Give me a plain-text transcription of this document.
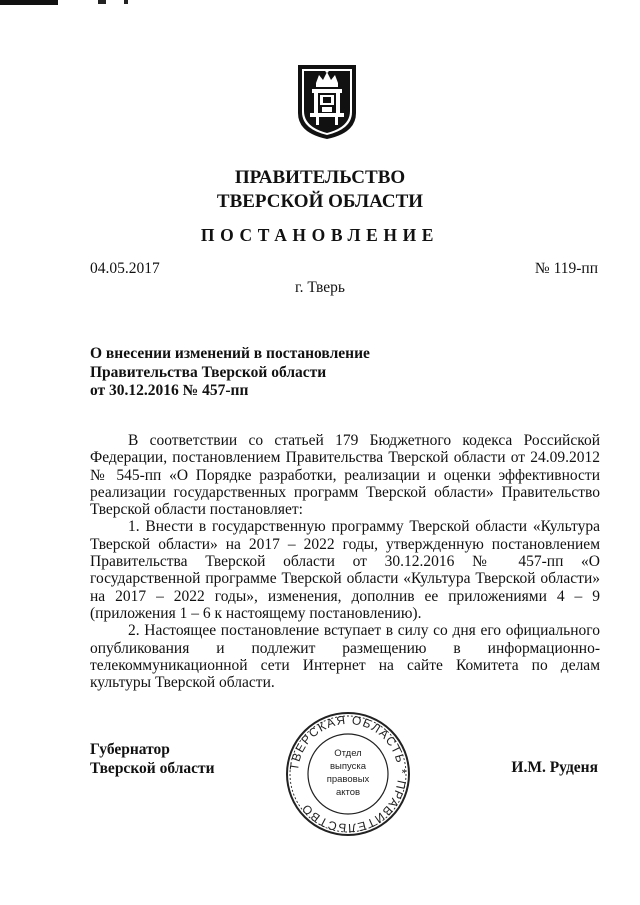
ПРАВИТЕЛЬСТВО
ТВЕРСКОЙ ОБЛАСТИ
ПОСТАНОВЛЕНИЕ
04.05.2017	№ 119-пп
г. Тверь
О внесении изменений в постановление
Правительства Тверской области
от 30.12.2016 № 457-пп

В соответствии со статьей 179 Бюджетного кодекса Российской Федерации, постановлением Правительства Тверской области от 24.09.2012 № 545-пп «О Порядке разработки, реализации и оценки эффективности реализации государственных программ Тверской области» Правительство Тверской области постановляет:

1. Внести в государственную программу Тверской области «Культура Тверской области» на 2017 – 2022 годы, утвержденную постановлением Правительства Тверской области от 30.12.2016 № 457-пп «О государственной программе Тверской области «Культура Тверской области» на 2017 – 2022 годы», изменения, дополнив ее приложениями 4 – 9 (приложения 1 – 6 к настоящему постановлению).

2. Настоящее постановление вступает в силу со дня его официального опубликования и подлежит размещению в информационно-телекоммуникационной сети Интернет на сайте Комитета по делам культуры Тверской области.

Губернатор
Тверской области	И.М. Руденя
ТВЕРСКАЯ ОБЛАСТЬ * ПРАВИТЕЛЬСТВО
Отдел
выпуска
правовых
актов
